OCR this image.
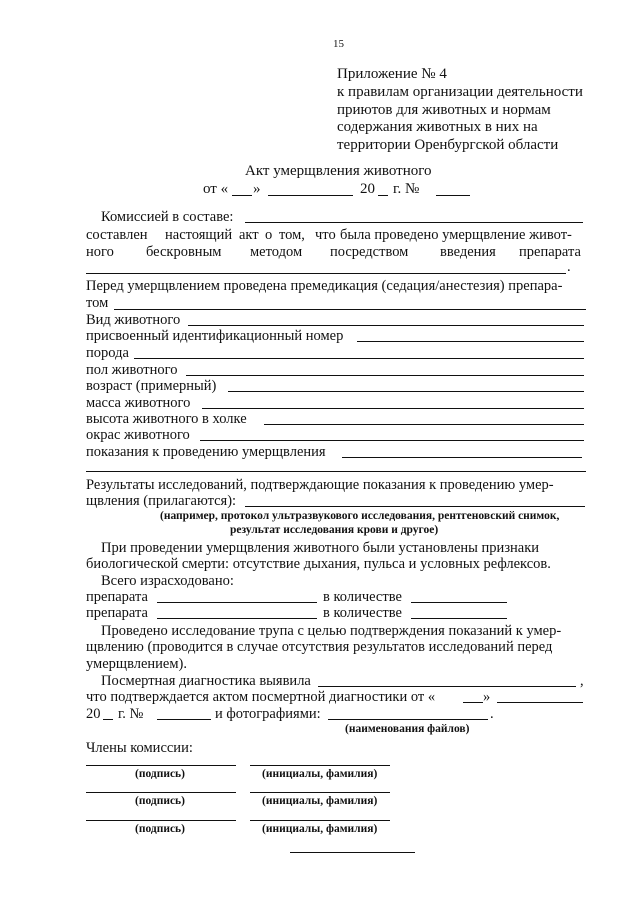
15
Приложение № 4
к правилам организации деятельности
приютов для животных и нормам
содержания животных в них на
территории Оренбургской области
Акт умерщвления животного
от « »	20 г. №
Комиссией в составе:
составлен настоящий акт о том, что была проведено умерщвление живот-
ного бескровным методом посредством введения препарата
.
Перед умерщвлением проведена премедикация (седация/анестезия) препара-
том
Вид животного
присвоенный идентификационный номер
порода
пол животного
возраст (примерный)
масса животного
высота животного в холке
окрас животного
показания к проведению умерщвления
Результаты исследований, подтверждающие показания к проведению умер-
щвления (прилагаются):
(например, протокол ультразвукового исследования, рентгеновский снимок,
результат исследования крови и другое)
При проведении умерщвления животного были установлены признаки
биологической смерти: отсутствие дыхания, пульса и условных рефлексов.
Всего израсходовано:
препарата	в количестве
препарата	в количестве
Проведено исследование трупа с целью подтверждения показаний к умер-
щвлению (проводится в случае отсутствия результатов исследований перед
умерщвлением).
Посмертная диагностика выявила	,
что подтверждается актом посмертной диагностики от «	»
20 г. №	и фотографиями:	.
(наименования файлов)
Члены комиссии:
(подпись)	(инициалы, фамилия)
(подпись)	(инициалы, фамилия)
(подпись)	(инициалы, фамилия)
